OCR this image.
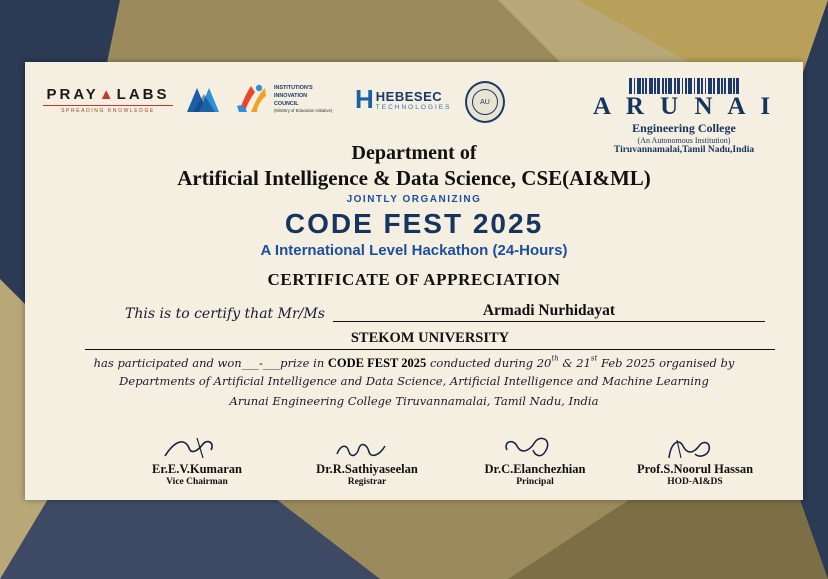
PRAY▲LABS
SPREADING KNOWLEDGE
INSTITUTION'S
INNOVATION
COUNCIL
(Ministry of Education Initiative) H HEBESEC
TECHNOLOGIES
AU	A R U N A I
Engineering College
(An Autonomous Institution)
Tiruvannamalai,Tamil Nadu,India
Department of
Artificial Intelligence & Data Science, CSE(AI&ML)
JOINTLY ORGANIZING
CODE FEST 2025
A International Level Hackathon (24-Hours)
CERTIFICATE OF APPRECIATION
This is to certify that Mr/Ms	Armadi Nurhidayat
STEKOM UNIVERSITY
has participated and won___-___prize in CODE FEST 2025 conducted during 20th & 21st Feb 2025 organised by
Departments of Artificial Intelligence and Data Science, Artificial Intelligence and Machine Learning
Arunai Engineering College Tiruvannamalai, Tamil Nadu, India
Er.E.V.Kumaran
Vice Chairman
Dr.R.Sathiyaseelan
Registrar
Dr.C.Elanchezhian
Principal
Prof.S.Noorul Hassan
HOD-AI&DS
